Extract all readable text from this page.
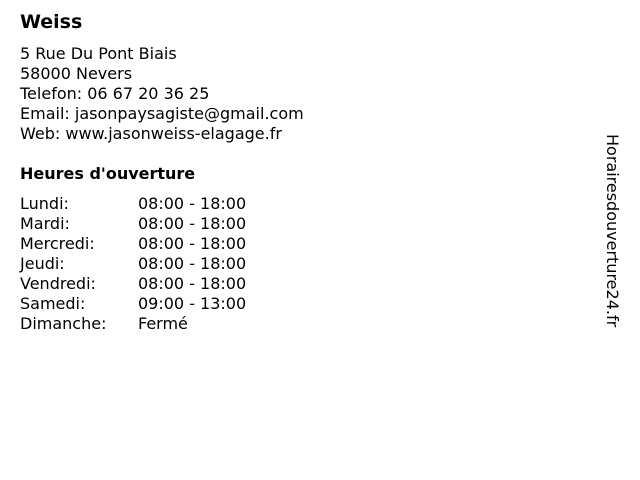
Weiss
5 Rue Du Pont Biais
58000 Nevers
Telefon: 06 67 20 36 25
Email: jasonpaysagiste@gmail.com
Web: www.jasonweiss-elagage.fr
Heures d'ouverture
Lundi:	08:00 - 18:00
Mardi:	08:00 - 18:00
Mercredi:	08:00 - 18:00
Jeudi:	08:00 - 18:00
Vendredi:	08:00 - 18:00
Samedi:	09:00 - 13:00
Dimanche: Fermé	Horairesdouverture24.fr
